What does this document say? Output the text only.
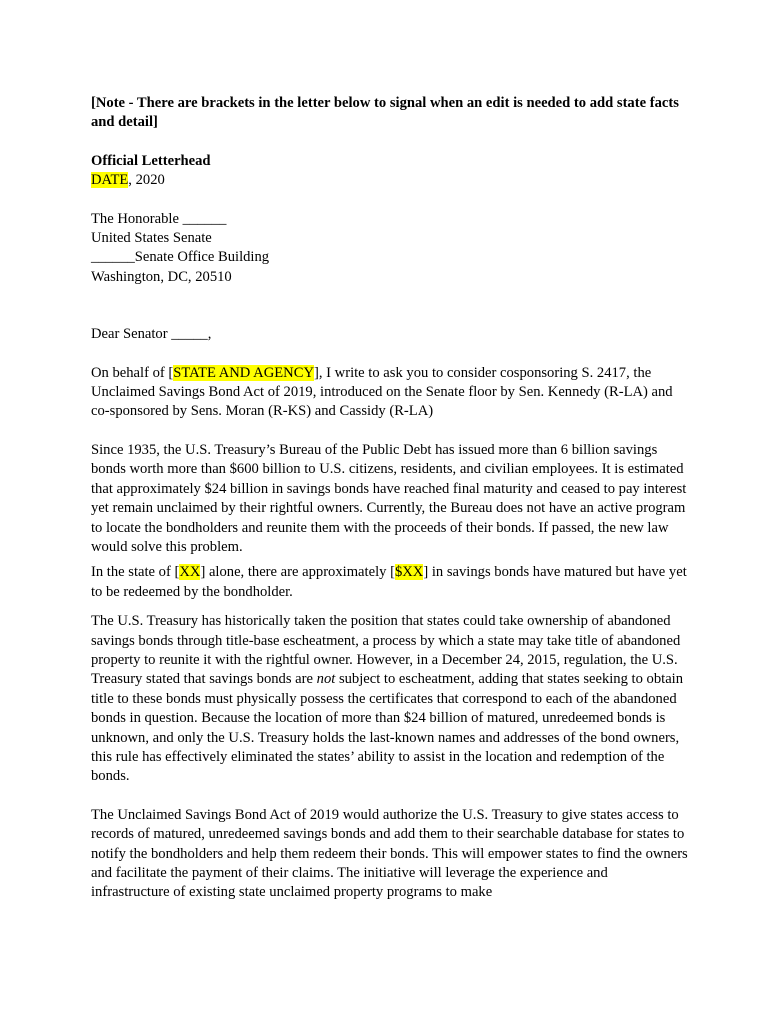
[Note - There are brackets in the letter below to signal when an edit is needed to add state facts and detail]

Official Letterhead

DATE, 2020

The Honorable ______

United States Senate

______Senate Office Building

Washington, DC, 20510

Dear Senator _____,

On behalf of [STATE AND AGENCY], I write to ask you to consider cosponsoring S. 2417, the Unclaimed Savings Bond Act of 2019, introduced on the Senate floor by Sen. Kennedy (R-LA) and co-sponsored by Sens. Moran (R-KS) and Cassidy (R-LA)

Since 1935, the U.S. Treasury’s Bureau of the Public Debt has issued more than 6 billion savings bonds worth more than $600 billion to U.S. citizens, residents, and civilian employees. It is estimated that approximately $24 billion in savings bonds have reached final maturity and ceased to pay interest yet remain unclaimed by their rightful owners. Currently, the Bureau does not have an active program to locate the bondholders and reunite them with the proceeds of their bonds. If passed, the new law would solve this problem.

In the state of [XX] alone, there are approximately [$XX] in savings bonds have matured but have yet to be redeemed by the bondholder.

The U.S. Treasury has historically taken the position that states could take ownership of abandoned savings bonds through title-base escheatment, a process by which a state may take title of abandoned property to reunite it with the rightful owner. However, in a December 24, 2015, regulation, the U.S. Treasury stated that savings bonds are not subject to escheatment, adding that states seeking to obtain title to these bonds must physically possess the certificates that correspond to each of the abandoned bonds in question. Because the location of more than $24 billion of matured, unredeemed bonds is unknown, and only the U.S. Treasury holds the last-known names and addresses of the bond owners, this rule has effectively eliminated the states’ ability to assist in the location and redemption of the bonds.

The Unclaimed Savings Bond Act of 2019 would authorize the U.S. Treasury to give states access to records of matured, unredeemed savings bonds and add them to their searchable database for states to notify the bondholders and help them redeem their bonds. This will empower states to find the owners and facilitate the payment of their claims. The initiative will leverage the experience and infrastructure of existing state unclaimed property programs to make
